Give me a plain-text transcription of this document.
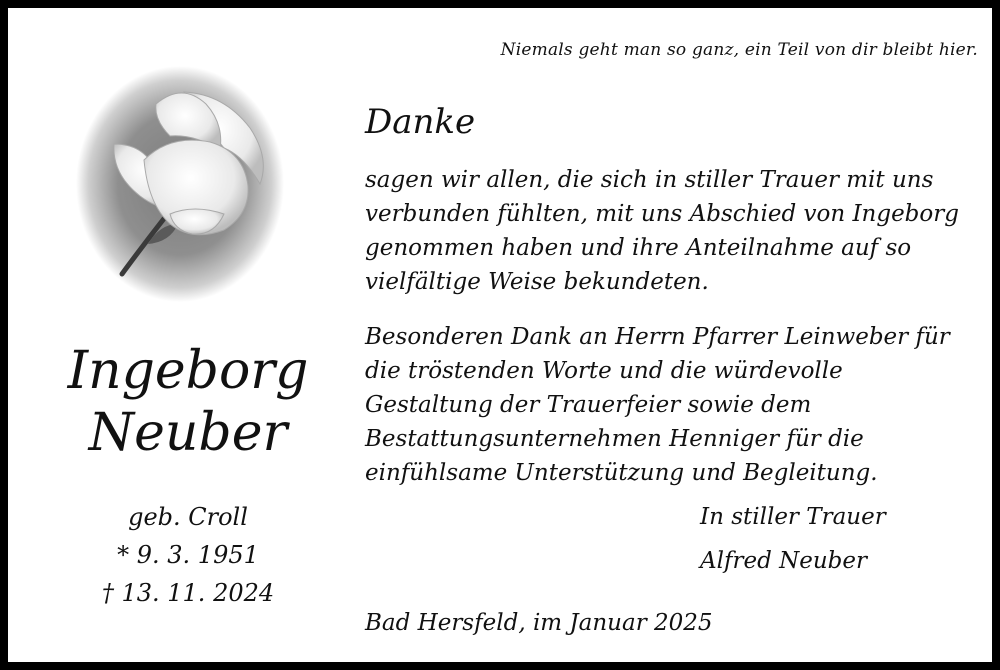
Niemals geht man so ganz, ein Teil von dir bleibt hier.
Ingeborg
Neuber
geb. Croll
* 9. 3. 1951
† 13. 11. 2024
Danke

sagen wir allen, die sich in stiller Trauer mit uns verbunden fühlten, mit uns Abschied von Ingeborg genommen haben und ihre Anteilnahme auf so vielfältige Weise bekundeten.

Besonderen Dank an Herrn Pfarrer Leinweber für die tröstenden Worte und die würdevolle Gestaltung der Trauerfeier sowie dem Bestattungsunternehmen Henniger für die einfühlsame Unterstützung und Begleitung.

In stiller Trauer
Alfred Neuber
Bad Hersfeld, im Januar 2025
